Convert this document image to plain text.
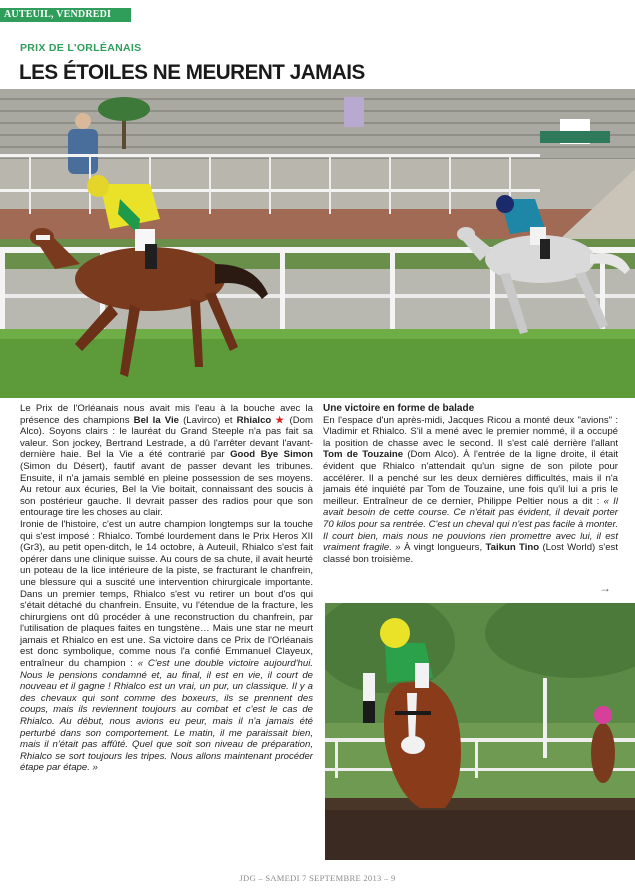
AUTEUIL, VENDREDI
PRIX DE L'ORLÉANAIS
LES ÉTOILES NE MEURENT JAMAIS

Le Prix de l'Orléanais nous avait mis l'eau à la bouche avec la présence des champions Bel la Vie (Lavirco) et Rhialco ★ (Dom Alco). Soyons clairs : le lauréat du Grand Steeple n'a pas fait sa valeur. Son jockey, Bertrand Lestrade, a dû l'arrêter devant l'avant-dernière haie. Bel la Vie a été contrarié par Good Bye Simon (Simon du Désert), fautif avant de passer devant les tribunes. Ensuite, il n'a jamais semblé en pleine possession de ses moyens. Au retour aux écuries, Bel la Vie boitait, connaissant des soucis à son postérieur gauche. Il devrait passer des radios pour que son entourage tire les choses au clair.

Ironie de l'histoire, c'est un autre champion longtemps sur la touche qui s'est imposé : Rhialco. Tombé lourdement dans le Prix Heros XII (Gr3), au petit open-ditch, le 14 octobre, à Auteuil, Rhialco s'est fait opérer dans une clinique suisse. Au cours de sa chute, il avait heurté un poteau de la lice intérieure de la piste, se fracturant le chanfrein, une blessure qui a suscité une intervention chirurgicale importante. Dans un premier temps, Rhialco s'est vu retirer un bout d'os qui s'était détaché du chanfrein. Ensuite, vu l'étendue de la fracture, les chirurgiens ont dû procéder à une reconstruction du chanfrein, par l'utilisation de plaques faites en tungstène… Mais une star ne meurt jamais et Rhialco en est une. Sa victoire dans ce Prix de l'Orléanais est donc symbolique, comme nous l'a confié Emmanuel Clayeux, entraîneur du champion : « C'est une double victoire aujourd'hui. Nous le pensions condamné et, au final, il est en vie, il court de nouveau et il gagne ! Rhialco est un vrai, un pur, un classique. Il y a des chevaux qui sont comme des boxeurs, ils se prennent des coups, mais ils reviennent toujours au combat et c'est le cas de Rhialco. Au début, nous avions eu peur, mais il n'a jamais été perturbé dans son comportement. Le matin, il me paraissait bien, mais il n'était pas affûté. Quel que soit son niveau de préparation, Rhialco se sort toujours les tripes. Nous allons maintenant procéder étape par étape. »

Une victoire en forme de balade

En l'espace d'un après-midi, Jacques Ricou a monté deux "avions" : Vladimir et Rhialco. S'il a mené avec le premier nommé, il a occupé la position de chasse avec le second. Il s'est calé derrière l'allant Tom de Touzaine (Dom Alco). À l'entrée de la ligne droite, il était évident que Rhialco n'attendait qu'un signe de son pilote pour accélérer. Il a penché sur les deux dernières difficultés, mais il n'a jamais été inquiété par Tom de Touzaine, une fois qu'il lui a pris le meilleur. Entraîneur de ce dernier, Philippe Peltier nous a dit : « Il avait besoin de cette course. Ce n'était pas évident, il devait porter 70 kilos pour sa rentrée. C'est un cheval qui n'est pas facile à monter. Il court bien, mais nous ne pouvions rien promettre avec lui, il est vraiment fragile. » À vingt longueurs, Taikun Tino (Lost World) s'est classé bon troisième.

→
JDG – SAMEDI 7 SEPTEMBRE 2013 – 9
